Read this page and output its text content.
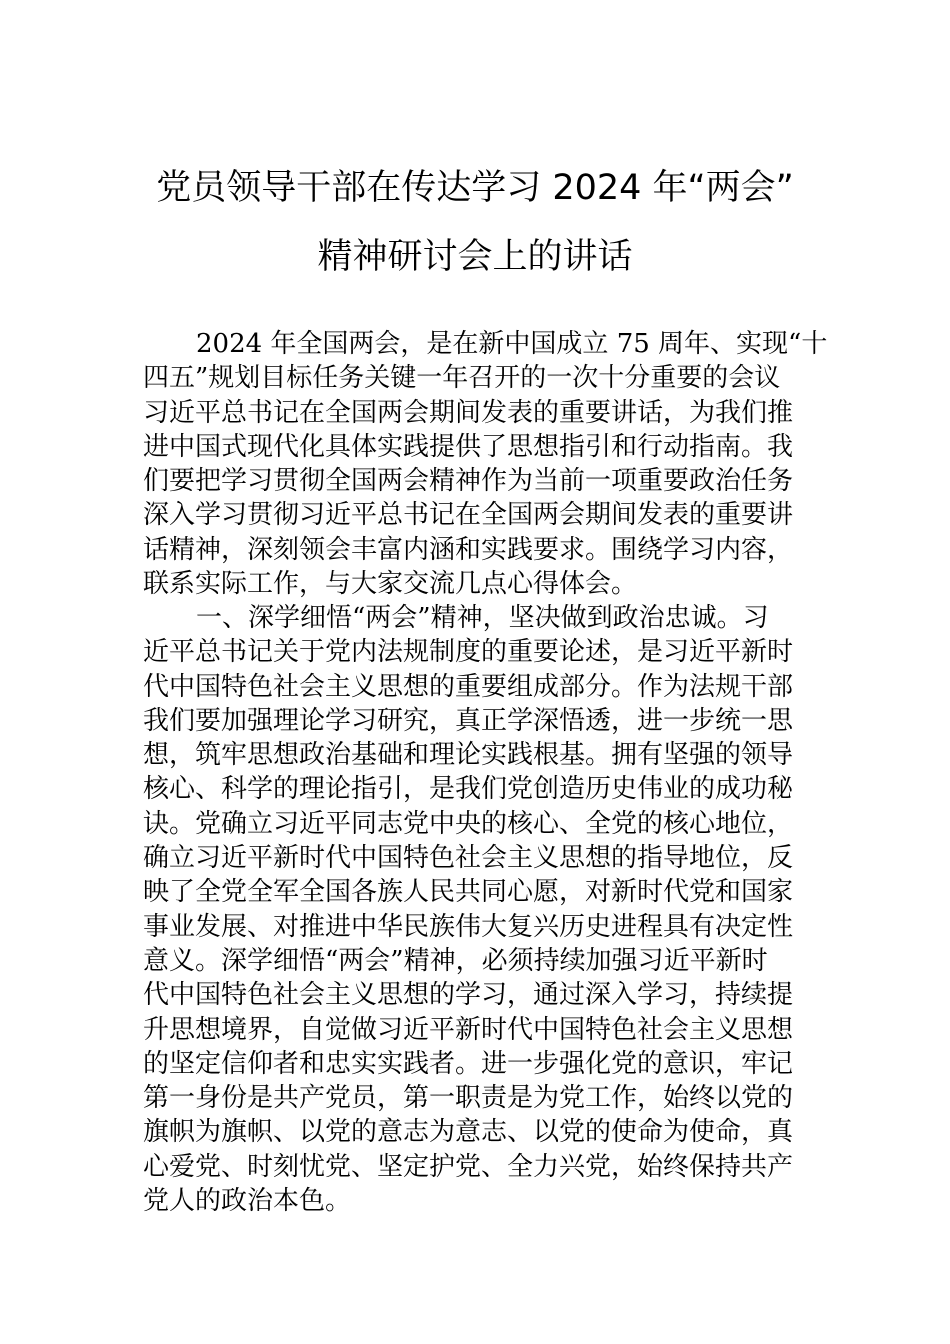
党员领导干部在传达学习 2024 年“两会”
精神研讨会上的讲话
2024 年全国两会，是在新中国成立 75 周年、实现“十
四五”规划目标任务关键一年召开的一次十分重要的会议
习近平总书记在全国两会期间发表的重要讲话，为我们推
进中国式现代化具体实践提供了思想指引和行动指南。我
们要把学习贯彻全国两会精神作为当前一项重要政治任务
深入学习贯彻习近平总书记在全国两会期间发表的重要讲
话精神，深刻领会丰富内涵和实践要求。围绕学习内容，
联系实际工作，与大家交流几点心得体会。
一、深学细悟“两会”精神，坚决做到政治忠诚。习
近平总书记关于党内法规制度的重要论述，是习近平新时
代中国特色社会主义思想的重要组成部分。作为法规干部
我们要加强理论学习研究，真正学深悟透，进一步统一思
想，筑牢思想政治基础和理论实践根基。拥有坚强的领导
核心、科学的理论指引，是我们党创造历史伟业的成功秘
诀。党确立习近平同志党中央的核心、全党的核心地位，
确立习近平新时代中国特色社会主义思想的指导地位，反
映了全党全军全国各族人民共同心愿，对新时代党和国家
事业发展、对推进中华民族伟大复兴历史进程具有决定性
意义。深学细悟“两会”精神，必须持续加强习近平新时
代中国特色社会主义思想的学习，通过深入学习，持续提
升思想境界，自觉做习近平新时代中国特色社会主义思想
的坚定信仰者和忠实实践者。进一步强化党的意识，牢记
第一身份是共产党员，第一职责是为党工作，始终以党的
旗帜为旗帜、以党的意志为意志、以党的使命为使命，真
心爱党、时刻忧党、坚定护党、全力兴党，始终保持共产
党人的政治本色。
